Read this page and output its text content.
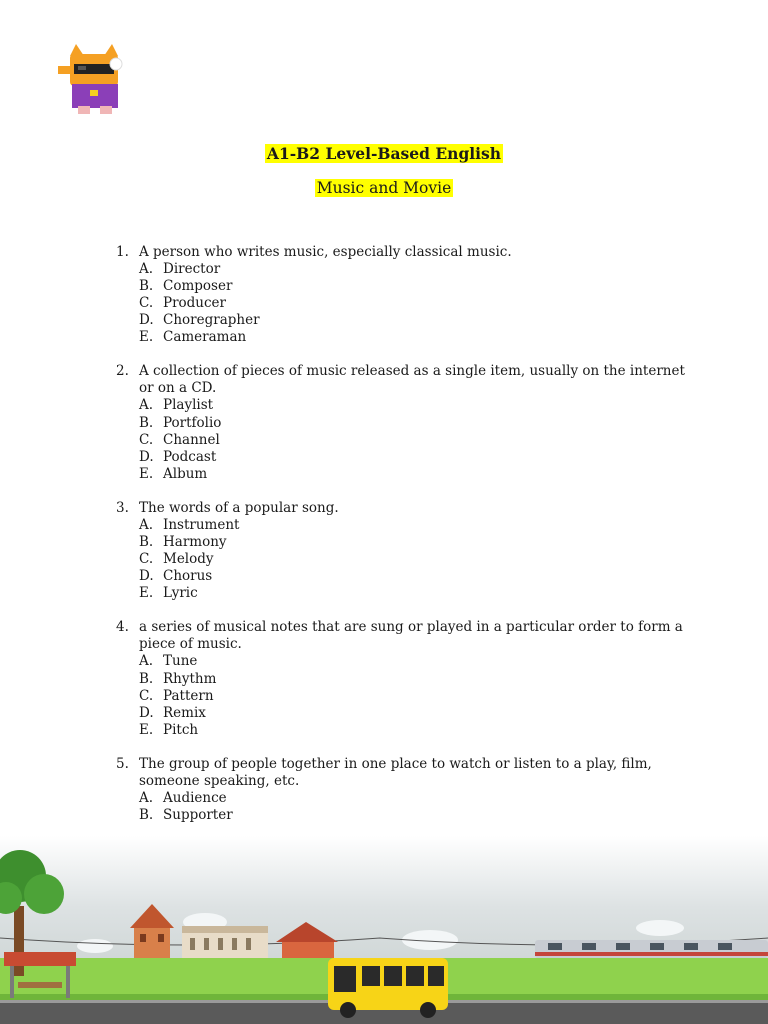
A1-B2 Level-Based English
Music and Movie
1. A person who writes music, especially classical music.
A. Director
B. Composer
C. Producer
D. Choregrapher
E. Cameraman
2. A collection of pieces of music released as a single item, usually on the internet or on a CD.
A. Playlist
B. Portfolio
C. Channel
D. Podcast
E. Album
3. The words of a popular song.
A. Instrument
B. Harmony
C. Melody
D. Chorus
E. Lyric
4. a series of musical notes that are sung or played in a particular order to form a piece of music.
A. Tune
B. Rhythm
C. Pattern
D. Remix
E. Pitch
5. The group of people together in one place to watch or listen to a play, film, someone speaking, etc.
A. Audience
B. Supporter
